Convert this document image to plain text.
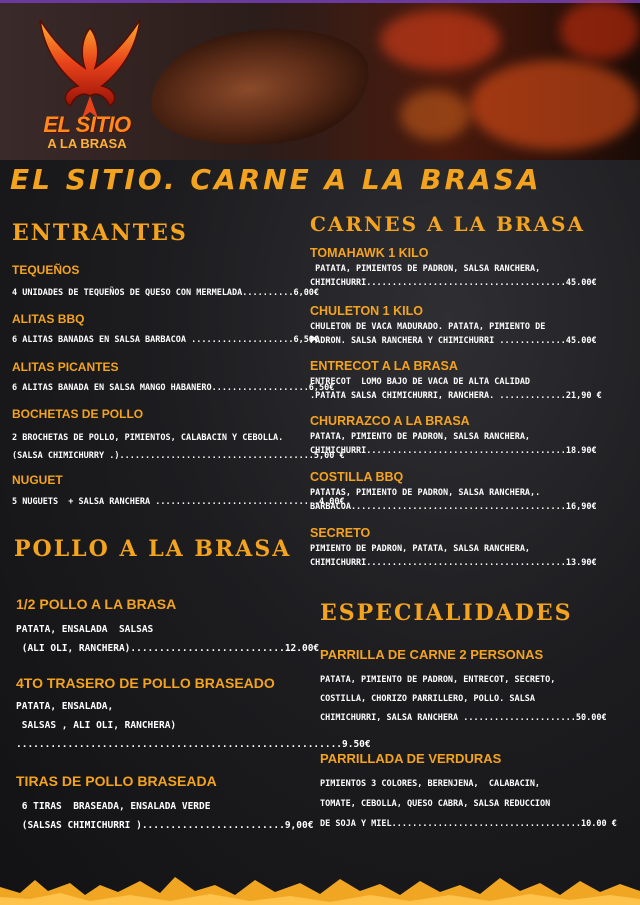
EL SITIO
A LA BRASA
EL SITIO. CARNE A LA BRASA
ENTRANTES
TEQUEÑOS
4 UNIDADES DE TEQUEÑOS DE QUESO CON MERMELADA..........6,00€
ALITAS BBQ
6 ALITAS BANADAS EN SALSA BARBACOA ....................6,50€
ALITAS PICANTES
6 ALITAS BANADA EN SALSA MANGO HABANERO...................6,50€
BOCHETAS DE POLLO
2 BROCHETAS DE POLLO, PIMIENTOS, CALABACIN Y CEBOLLA.
(SALSA CHIMICHURRY .)......................................5,00 €
NUGUET
5 NUGUETS  + SALSA RANCHERA ................................4,00€
POLLO A LA BRASA
1/2 POLLO A LA BRASA
PATATA, ENSALADA  SALSAS
(ALI OLI, RANCHERA)...........................12.00€
4TO TRASERO DE POLLO BRASEADO
PATATA, ENSALADA,
SALSAS , ALI OLI, RANCHERA)
.........................................................9.50€
TIRAS DE POLLO BRASEADA
6 TIRAS  BRASEADA, ENSALADA VERDE
(SALSAS CHIMICHURRI ).........................9,00€
CARNES A LA BRASA
TOMAHAWK 1 KILO
PATATA, PIMIENTOS DE PADRON, SALSA RANCHERA,
CHIMICHURRI.......................................45.00€
CHULETON 1 KILO
CHULETON DE VACA MADURADO. PATATA, PIMIENTO DE
PADRON. SALSA RANCHERA Y CHIMICHURRI .............45.00€
ENTRECOT A LA BRASA
ENTRECOT  LOMO BAJO DE VACA DE ALTA CALIDAD
.PATATA SALSA CHIMICHURRI, RANCHERA. .............21,90 €
CHURRAZCO A LA BRASA
PATATA, PIMIENTO DE PADRON, SALSA RANCHERA,
CHIMICHURRI.......................................18.90€
COSTILLA BBQ
PATATAS, PIMIENTO DE PADRON, SALSA RANCHERA,.
BARBACOA..........................................16,90€
SECRETO
PIMIENTO DE PADRON, PATATA, SALSA RANCHERA,
CHIMICHURRI.......................................13.90€
ESPECIALIDADES
PARRILLA DE CARNE 2 PERSONAS
PATATA, PIMIENTO DE PADRON, ENTRECOT, SECRETO,
COSTILLA, CHORIZO PARRILLERO, POLLO. SALSA
CHIMICHURRI, SALSA RANCHERA ......................50.00€
PARRILLADA DE VERDURAS
PIMIENTOS 3 COLORES, BERENJENA,  CALABACIN,
TOMATE, CEBOLLA, QUESO CABRA, SALSA REDUCCION
DE SOJA Y MIEL.....................................10.00 €
